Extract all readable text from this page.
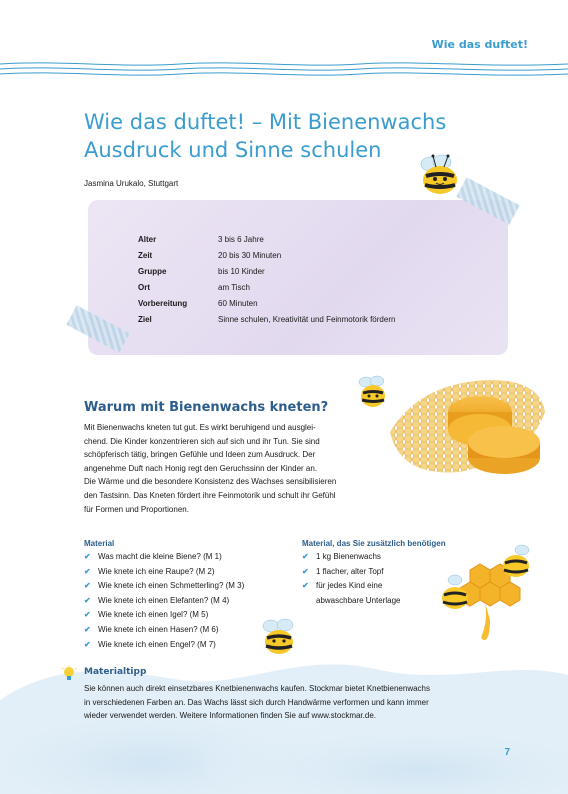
Wie das duftet!
Wie das duftet! – Mit Bienenwachs
Ausdruck und Sinne schulen
Jasmina Urukalo, Stuttgart
Alter	3 bis 6 Jahre
Zeit	20 bis 30 Minuten
Gruppe	bis 10 Kinder
Ort	am Tisch
Vorbereitung	60 Minuten
Ziel	Sinne schulen, Kreativität und Feinmotorik fördern
Warum mit Bienenwachs kneten?
Mit Bienenwachs kneten tut gut. Es wirkt beruhigend und ausglei-
chend. Die Kinder konzentrieren sich auf sich und ihr Tun. Sie sind
schöpferisch tätig, bringen Gefühle und Ideen zum Ausdruck. Der
angenehme Duft nach Honig regt den Geruchssinn der Kinder an.
Die Wärme und die besondere Konsistenz des Wachses sensibilisieren
den Tastsinn. Das Kneten fördert ihre Feinmotorik und schult ihr Gefühl
für Formen und Proportionen.
Material
✔ Was macht die kleine Biene? (M 1)
✔ Wie knete ich eine Raupe? (M 2)
✔ Wie knete ich einen Schmetterling? (M 3)
✔ Wie knete ich einen Elefanten? (M 4)
✔ Wie knete ich einen Igel? (M 5)
✔ Wie knete ich einen Hasen? (M 6)
✔ Wie knete ich einen Engel? (M 7)
Material, das Sie zusätzlich benötigen
✔ 1 kg Bienenwachs
✔ 1 flacher, alter Topf
✔ für jedes Kind eine
abwaschbare Unterlage
Materialtipp
Sie können auch direkt einsetzbares Knetbienenwachs kaufen. Stockmar bietet Knetbienenwachs
in verschiedenen Farben an. Das Wachs lässt sich durch Handwärme verformen und kann immer
wieder verwendet werden. Weitere Informationen finden Sie auf www.stockmar.de.
7
